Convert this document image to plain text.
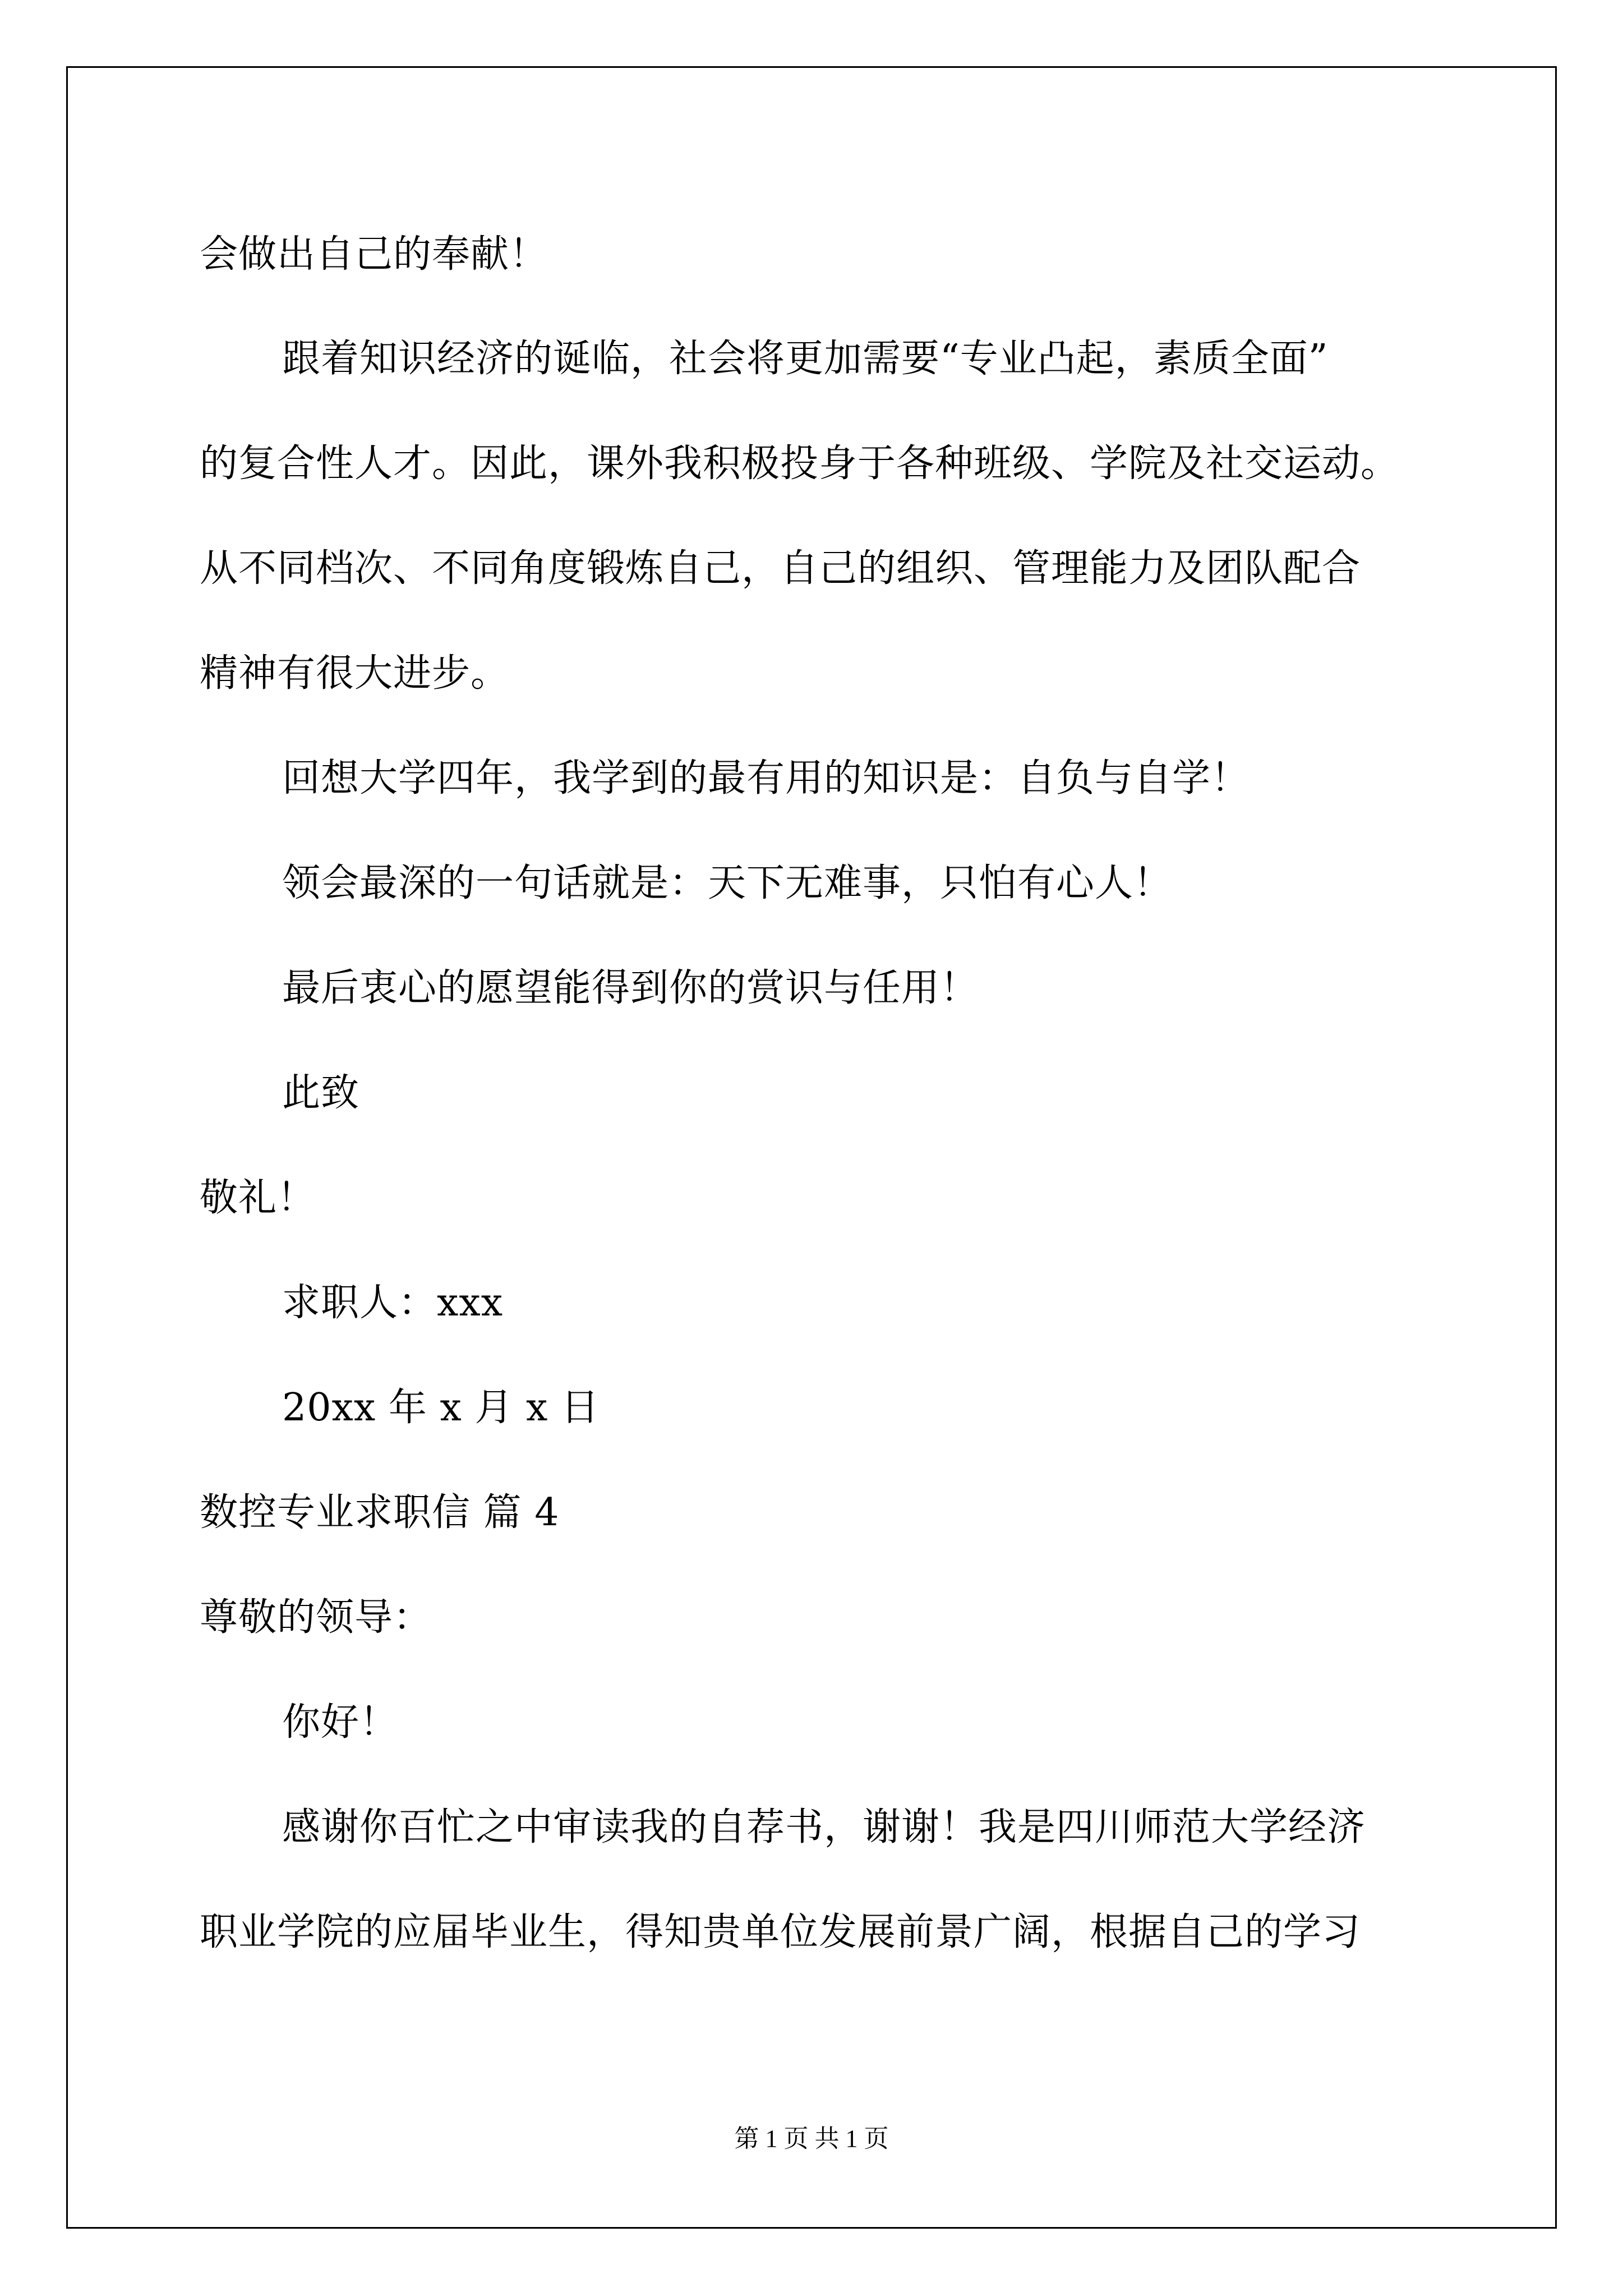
会做出自己的奉献！
跟着知识经济的诞临，社会将更加需要“专业凸起，素质全面”
的复合性人才。因此，课外我积极投身于各种班级、学院及社交运动。
从不同档次、不同角度锻炼自己，自己的组织、管理能力及团队配合
精神有很大进步。
回想大学四年，我学到的最有用的知识是：自负与自学！
领会最深的一句话就是：天下无难事，只怕有心人！
最后衷心的愿望能得到你的赏识与任用！
此致
敬礼！
求职人：xxx
20xx 年 x 月 x 日
数控专业求职信 篇 4
尊敬的领导：
你好！
感谢你百忙之中审读我的自荐书，谢谢！我是四川师范大学经济
职业学院的应届毕业生，得知贵单位发展前景广阔，根据自己的学习
第 1 页 共 1 页
